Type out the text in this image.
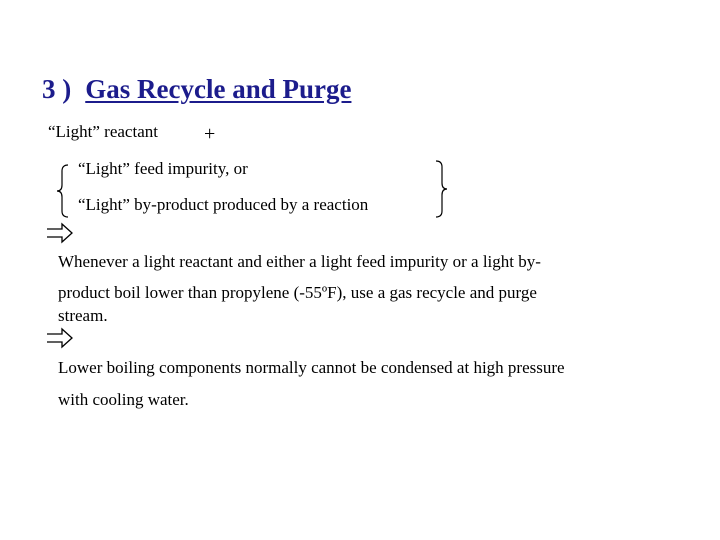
3 ) Gas Recycle and Purge
“Light” reactant +
“Light” feed impurity, or
“Light” by-product produced by a reaction
Whenever a light reactant and either a light feed impurity or a light by-
product boil lower than propylene (-55ºF), use a gas recycle and purge
stream.
Lower boiling components normally cannot be condensed at high pressure
with cooling water.
